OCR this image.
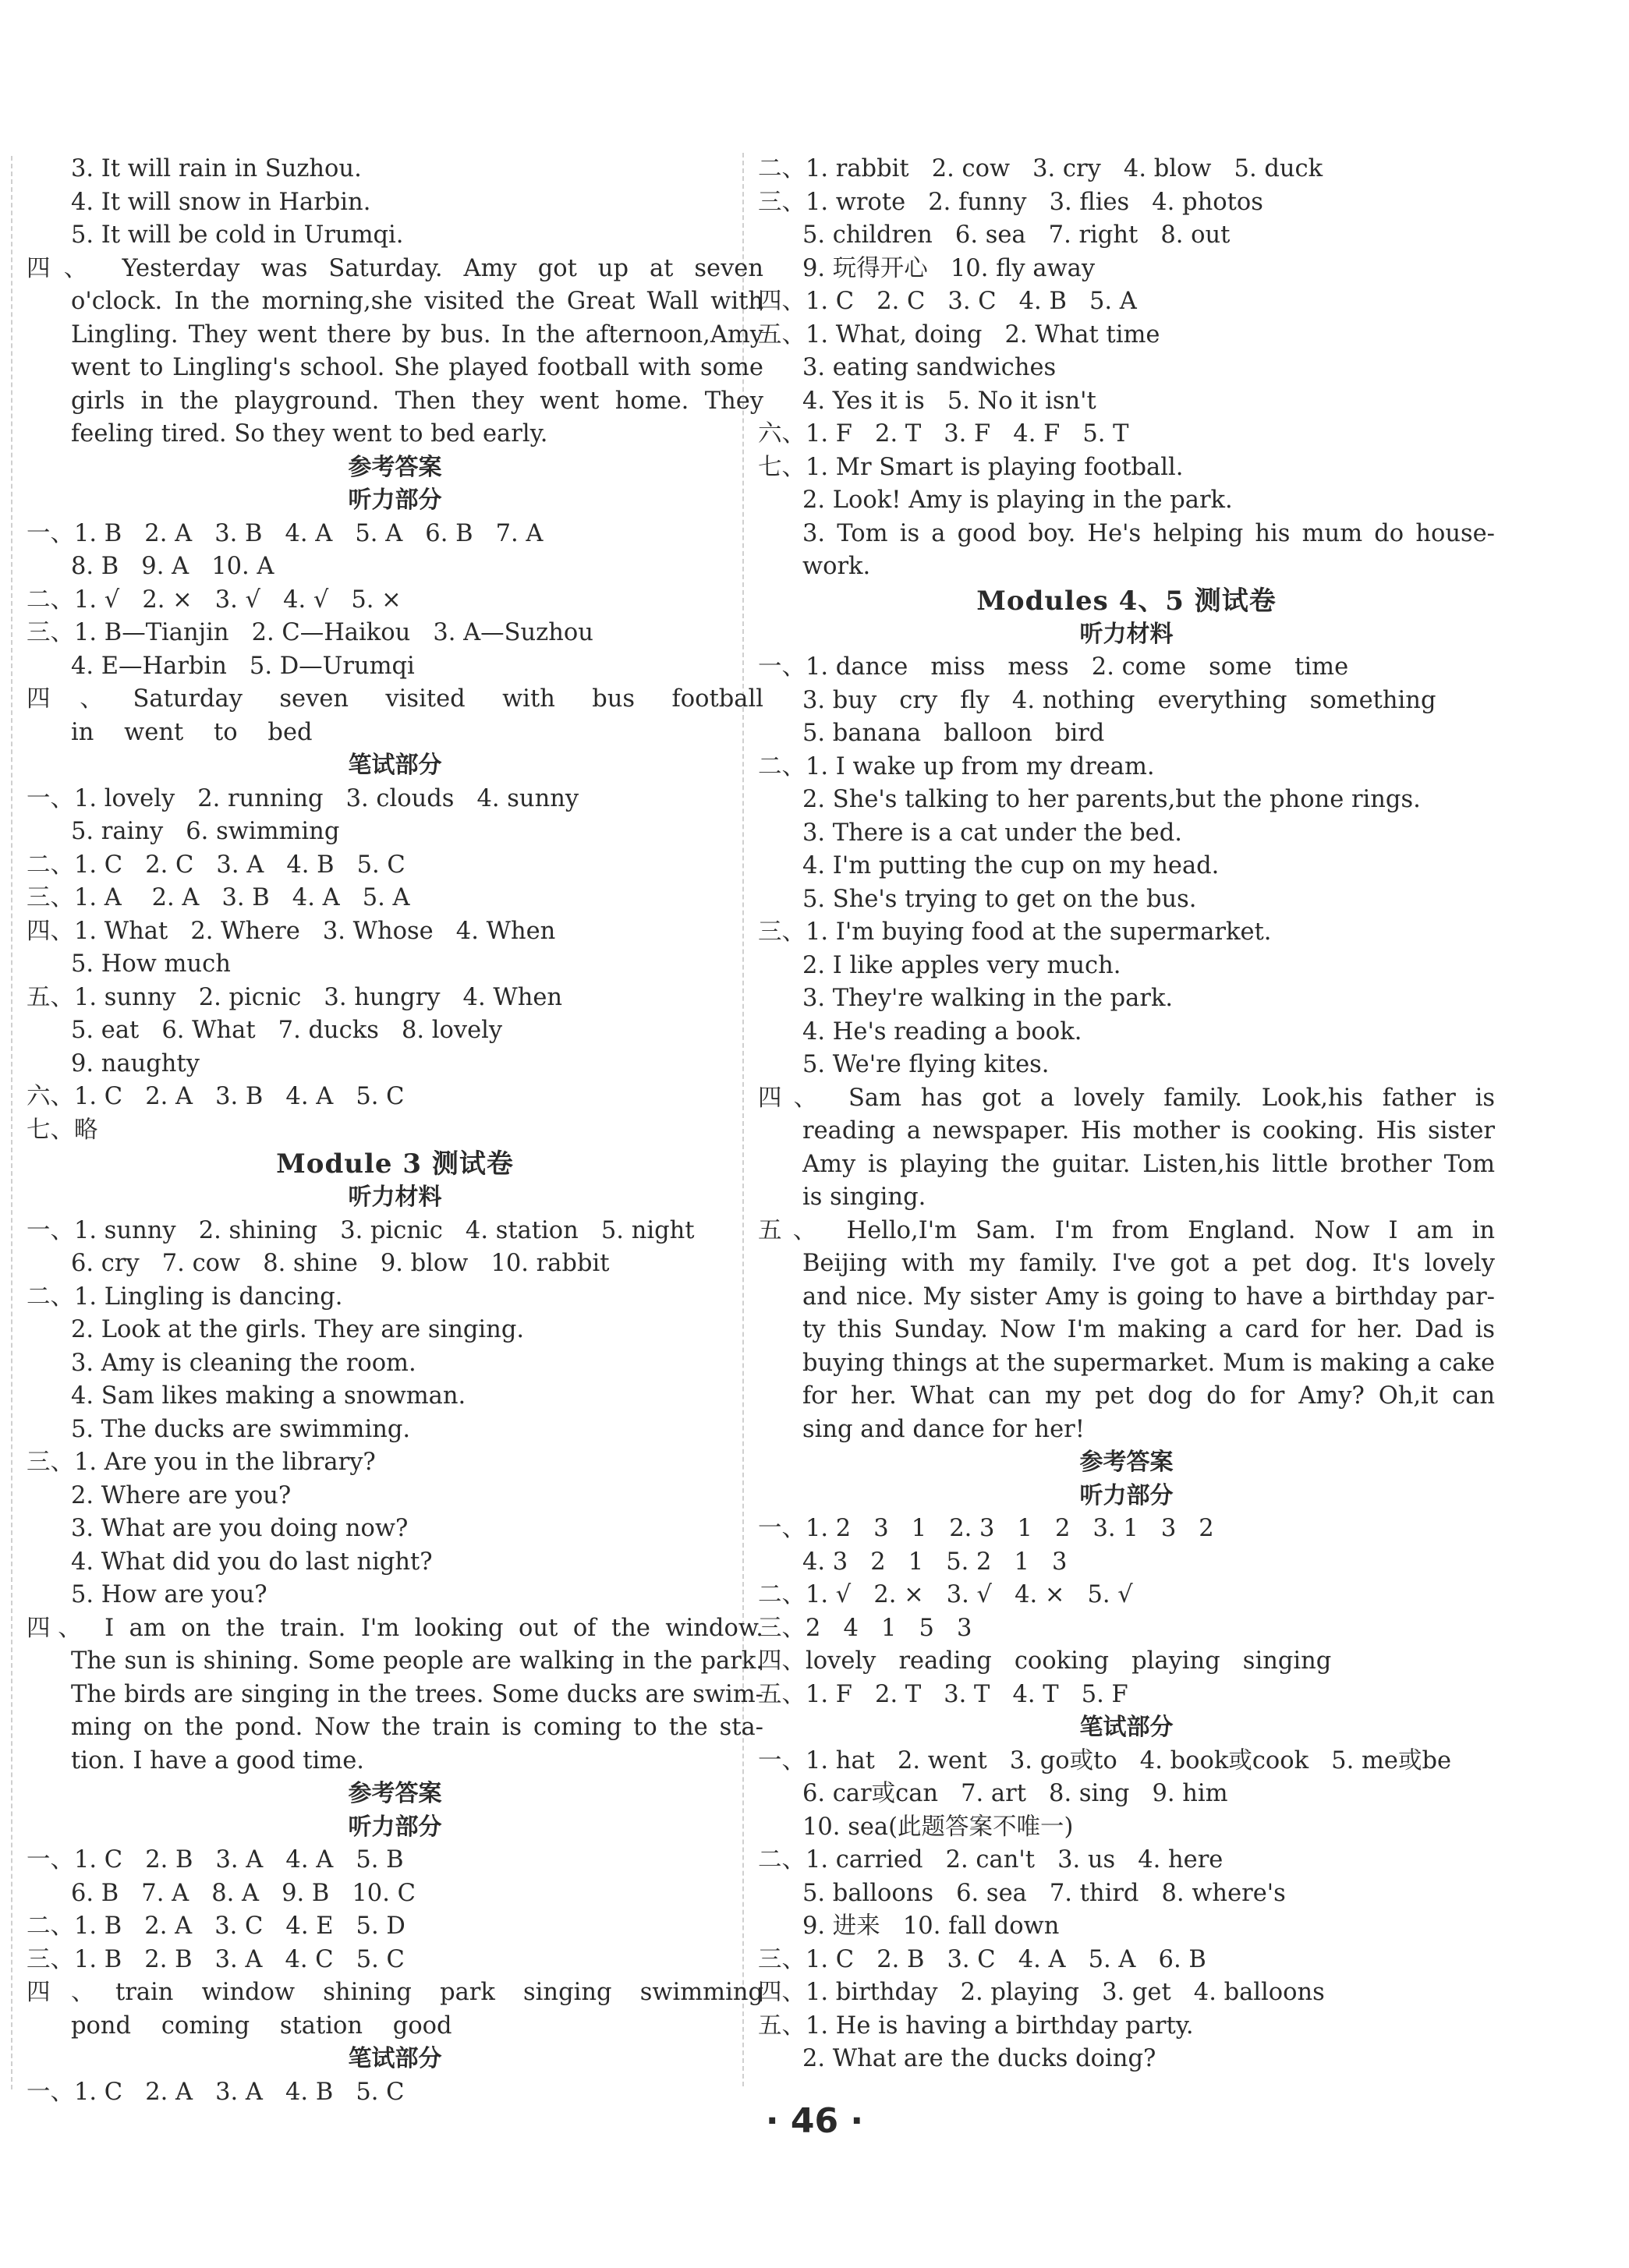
3. It will rain in Suzhou.
4. It will snow in Harbin.
5. It will be cold in Urumqi.
四、 Yesterday was Saturday. Amy got up at seven
o'clock. In the morning,she visited the Great Wall with
Lingling. They went there by bus. In the afternoon,Amy
went to Lingling's school. She played football with some
girls in the playground. Then they went home. They
feeling tired. So they went to bed early.
参考答案
听力部分
一、1. B   2. A   3. B   4. A   5. A   6. B   7. A
8. B   9. A   10. A
二、1. √   2. ×   3. √   4. √   5. ×
三、1. B—Tianjin   2. C—Haikou   3. A—Suzhou
4. E—Harbin   5. D—Urumqi
四、Saturday seven visited with bus football
in    went    to    bed
笔试部分
一、1. lovely   2. running   3. clouds   4. sunny
5. rainy   6. swimming
二、1. C   2. C   3. A   4. B   5. C
三、1. A    2. A   3. B   4. A   5. A
四、1. What   2. Where   3. Whose   4. When
5. How much
五、1. sunny   2. picnic   3. hungry   4. When
5. eat   6. What   7. ducks   8. lovely
9. naughty
六、1. C   2. A   3. B   4. A   5. C
七、略
Module 3 测试卷
听力材料
一、1. sunny   2. shining   3. picnic   4. station   5. night
6. cry   7. cow   8. shine   9. blow   10. rabbit
二、1. Lingling is dancing.
2. Look at the girls. They are singing.
3. Amy is cleaning the room.
4. Sam likes making a snowman.
5. The ducks are swimming.
三、1. Are you in the library?
2. Where are you?
3. What are you doing now?
4. What did you do last night?
5. How are you?
四、 I am on the train. I'm looking out of the window.
The sun is shining. Some people are walking in the park.
The birds are singing in the trees. Some ducks are swim-
ming on the pond. Now the train is coming to the sta-
tion. I have a good time.
参考答案
听力部分
一、1. C   2. B   3. A   4. A   5. B
6. B   7. A   8. A   9. B   10. C
二、1. B   2. A   3. C   4. E   5. D
三、1. B   2. B   3. A   4. C   5. C
四、train window shining park singing swimming
pond    coming    station    good
笔试部分
一、1. C   2. A   3. A   4. B   5. C
二、1. rabbit   2. cow   3. cry   4. blow   5. duck
三、1. wrote   2. funny   3. flies   4. photos
5. children   6. sea   7. right   8. out
9. 玩得开心   10. fly away
四、1. C   2. C   3. C   4. B   5. A
五、1. What, doing   2. What time
3. eating sandwiches
4. Yes it is   5. No it isn't
六、1. F   2. T   3. F   4. F   5. T
七、1. Mr Smart is playing football.
2. Look! Amy is playing in the park.
3. Tom is a good boy. He's helping his mum do house-
work.
Modules 4、5 测试卷
听力材料
一、1. dance   miss   mess   2. come   some   time
3. buy   cry   fly   4. nothing   everything   something
5. banana   balloon   bird
二、1. I wake up from my dream.
2. She's talking to her parents,but the phone rings.
3. There is a cat under the bed.
4. I'm putting the cup on my head.
5. She's trying to get on the bus.
三、1. I'm buying food at the supermarket.
2. I like apples very much.
3. They're walking in the park.
4. He's reading a book.
5. We're flying kites.
四、 Sam has got a lovely family. Look,his father is
reading a newspaper. His mother is cooking. His sister
Amy is playing the guitar. Listen,his little brother Tom
is singing.
五、 Hello,I'm Sam. I'm from England. Now I am in
Beijing with my family. I've got a pet dog. It's lovely
and nice. My sister Amy is going to have a birthday par-
ty this Sunday. Now I'm making a card for her. Dad is
buying things at the supermarket. Mum is making a cake
for her. What can my pet dog do for Amy? Oh,it can
sing and dance for her!
参考答案
听力部分
一、1. 2   3   1   2. 3   1   2   3. 1   3   2
4. 3   2   1   5. 2   1   3
二、1. √   2. ×   3. √   4. ×   5. √
三、2   4   1   5   3
四、lovely   reading   cooking   playing   singing
五、1. F   2. T   3. T   4. T   5. F
笔试部分
一、1. hat   2. went   3. go或to   4. book或cook   5. me或be
6. car或can   7. art   8. sing   9. him
10. sea(此题答案不唯一)
二、1. carried   2. can't   3. us   4. here
5. balloons   6. sea   7. third   8. where's
9. 进来   10. fall down
三、1. C   2. B   3. C   4. A   5. A   6. B
四、1. birthday   2. playing   3. get   4. balloons
五、1. He is having a birthday party.
2. What are the ducks doing?
· 46 ·
